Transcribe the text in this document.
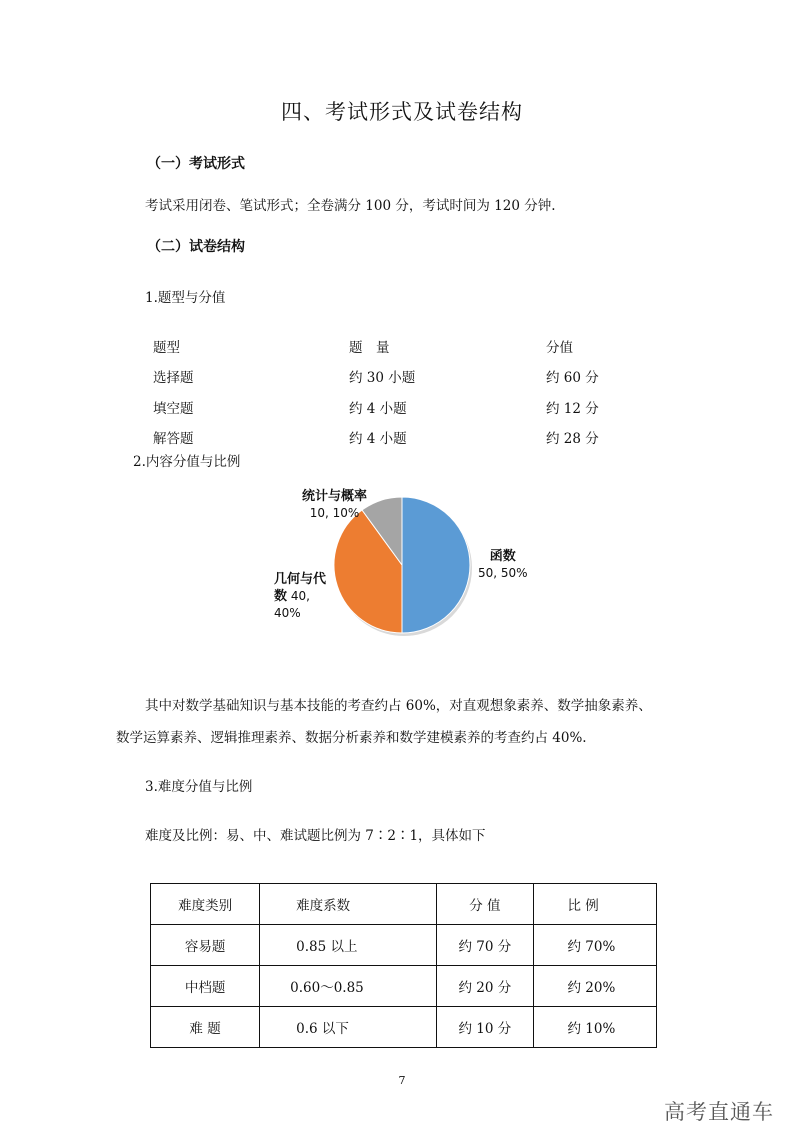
四、考试形式及试卷结构
（一）考试形式
考试采用闭卷、笔试形式；全卷满分 100 分，考试时间为 120 分钟.
（二）试卷结构
1.题型与分值
题型	题　量	分值
选择题	约 30 小题	约 60 分
填空题	约 4 小题	约 12 分
解答题	约 4 小题	约 28 分
2.内容分值与比例
函数
50, 50%
几何与代
数 40,
40%
统计与概率
10, 10%
其中对数学基础知识与基本技能的考查约占 60%，对直观想象素养、数学抽象素养、
数学运算素养、逻辑推理素养、数据分析素养和数学建模素养的考查约占 40%.
3.难度分值与比例
难度及比例：易、中、难试题比例为 7∶2∶1，具体如下
难度类别	难度系数	分 值	比 例
容易题	0.85 以上	约 70 分	约 70%
中档题	0.60～0.85	约 20 分	约 20%
难 题	0.6 以下	约 10 分	约 10%
7
高考直通车
